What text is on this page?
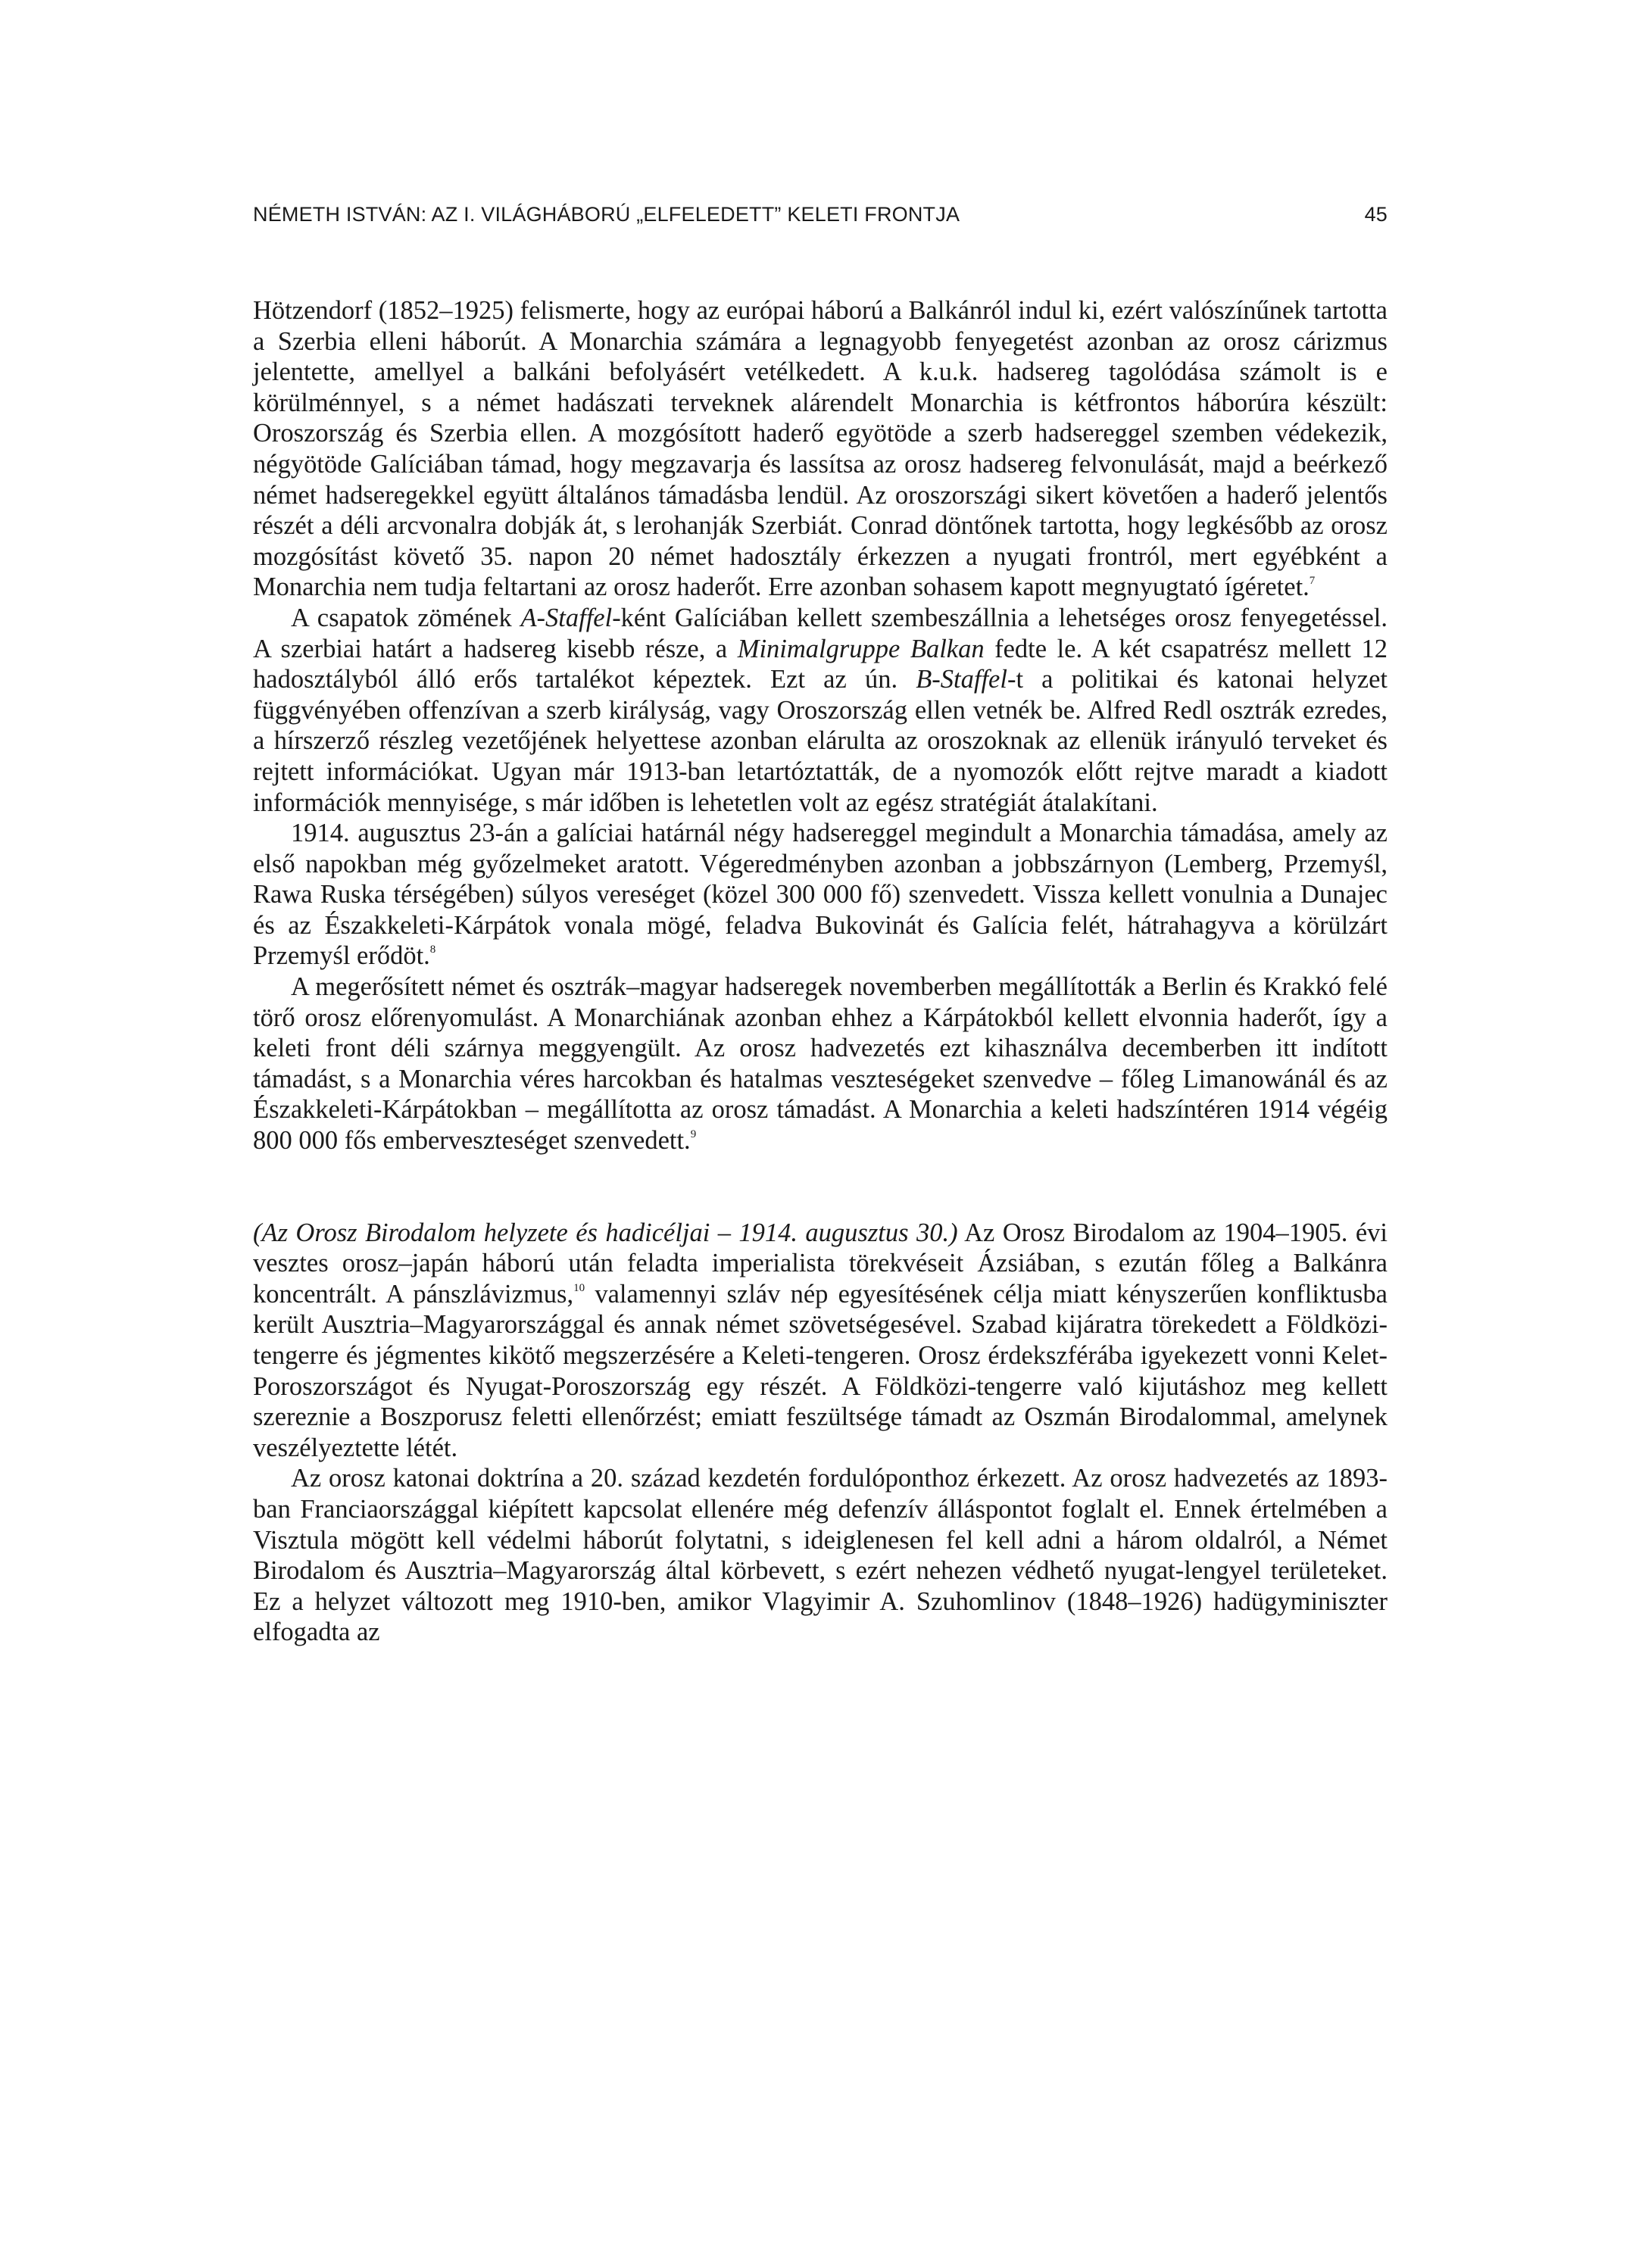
NÉMETH ISTVÁN: AZ I. VILÁGHÁBORÚ „ELFELEDETT” KELETI FRONTJA	45

Hötzendorf (1852–1925) felismerte, hogy az európai háború a Balkánról indul ki, ezért valószínűnek tartotta a Szerbia elleni háborút. A Monarchia számára a legnagyobb fenyegetést azonban az orosz cárizmus jelentette, amellyel a balkáni befolyásért vetélkedett. A k.u.k. hadsereg tagolódása számolt is e körülménnyel, s a német hadászati terveknek alárendelt Monarchia is kétfrontos háborúra készült: Oroszország és Szerbia ellen. A mozgósított haderő egyötöde a szerb hadsereggel szemben védekezik, négyötöde Galíciában támad, hogy megzavarja és lassítsa az orosz hadsereg felvonulását, majd a beérkező német hadseregekkel együtt általános támadásba lendül. Az oroszországi sikert követően a haderő jelentős részét a déli arcvonalra dobják át, s lerohanják Szerbiát. Conrad döntőnek tartotta, hogy legkésőbb az orosz mozgósítást követő 35. napon 20 német hadosztály érkezzen a nyugati frontról, mert egyébként a Monarchia nem tudja feltartani az orosz haderőt. Erre azonban sohasem kapott megnyugtató ígéretet.$^7$

A csapatok zömének A-Staffel-ként Galíciában kellett szembeszállnia a lehetséges orosz fenyegetéssel. A szerbiai határt a hadsereg kisebb része, a Minimalgruppe Balkan fedte le. A két csapatrész mellett 12 hadosztályból álló erős tartalékot képeztek. Ezt az ún. B-Staffel-t a politikai és katonai helyzet függvényében offenzívan a szerb királyság, vagy Oroszország ellen vetnék be. Alfred Redl osztrák ezredes, a hírszerző részleg vezetőjének helyettese azonban elárulta az oroszoknak az ellenük irányuló terveket és rejtett információkat. Ugyan már 1913-ban letartóztatták, de a nyomozók előtt rejtve maradt a kiadott információk mennyisége, s már időben is lehetetlen volt az egész stratégiát átalakítani.

1914. augusztus 23-án a galíciai határnál négy hadsereggel megindult a Monarchia támadása, amely az első napokban még győzelmeket aratott. Végeredményben azonban a jobbszárnyon (Lemberg, Przemyśl, Rawa Ruska térségében) súlyos vereséget (közel 300 000 fő) szenvedett. Vissza kellett vonulnia a Dunajec és az Északkeleti-Kárpátok vonala mögé, feladva Bukovinát és Galícia felét, hátrahagyva a körülzárt Przemyśl erődöt.$^8$

A megerősített német és osztrák–magyar hadseregek novemberben megállították a Berlin és Krakkó felé törő orosz előrenyomulást. A Monarchiának azonban ehhez a Kárpátokból kellett elvonnia haderőt, így a keleti front déli szárnya meggyengült. Az orosz hadvezetés ezt kihasználva decemberben itt indított támadást, s a Monarchia véres harcokban és hatalmas veszteségeket szenvedve – főleg Limanowánál és az Északkeleti-Kárpátokban – megállította az orosz támadást. A Monarchia a keleti hadszíntéren 1914 végéig 800 000 fős emberveszteséget szenvedett.$^9$

(Az Orosz Birodalom helyzete és hadicéljai – 1914. augusztus 30.) Az Orosz Birodalom az 1904–1905. évi vesztes orosz–japán háború után feladta imperialista törekvéseit Ázsiában, s ezután főleg a Balkánra koncentrált. A pánszlávizmus,$^{10}$ valamennyi szláv nép egyesítésének célja miatt kényszerűen konfliktusba került Ausztria–Magyarországgal és annak német szövetségesével. Szabad kijáratra törekedett a Földközi-tengerre és jégmentes kikötő megszerzésére a Keleti-tengeren. Orosz érdekszférába igyekezett vonni Kelet-Poroszországot és Nyugat-Poroszország egy részét. A Földközi-tengerre való kijutáshoz meg kellett szereznie a Boszporusz feletti ellenőrzést; emiatt feszültsége támadt az Oszmán Birodalommal, amelynek veszélyeztette létét.

Az orosz katonai doktrína a 20. század kezdetén fordulóponthoz érkezett. Az orosz hadvezetés az 1893-ban Franciaországgal kiépített kapcsolat ellenére még defenzív álláspontot foglalt el. Ennek értelmében a Visztula mögött kell védelmi háborút folytatni, s ideiglenesen fel kell adni a három oldalról, a Német Birodalom és Ausztria–Magyarország által körbevett, s ezért nehezen védhető nyugat-lengyel területeket. Ez a helyzet változott meg 1910-ben, amikor Vlagyimir A. Szuhomlinov (1848–1926) hadügyminiszter elfogadta az
